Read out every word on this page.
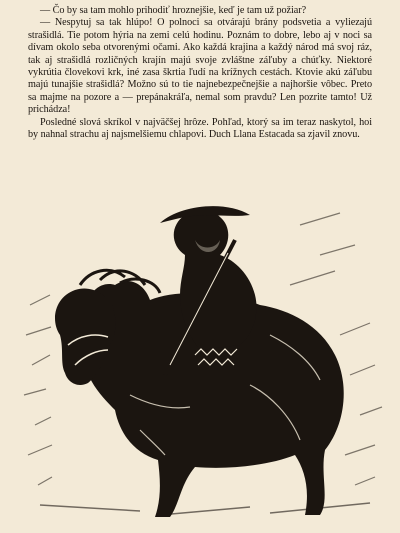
— Čo by sa tam mohlo prihodiť hroznejšie, keď je tam už požiar?

— Nespytuj sa tak hlúpo! O polnoci sa otvárajú brány podsvetia a vyliezajú strašidlá. Tie potom hýria na zemi celú hodinu. Poznám to dobre, lebo aj v noci sa dívam okolo seba otvorenými očami. Ako každá krajina a každý národ má svoj ráz, tak aj strašidlá rozličných krajín majú svoje zvláštne záľuby a chúťky. Niektoré vykrútia človekovi krk, iné zasa škrtia ľudí na krížnych cestách. Ktovie akú záľubu majú tunajšie strašidlá? Možno sú to tie najnebezpečnejšie a najhoršie vôbec. Preto sa majme na pozore a — prepánakráľa, nemal som pravdu? Len pozrite tamto! Už prichádza!

Posledné slová skríkol v najväčšej hrôze. Pohľad, ktorý sa im teraz naskytol, hoi by nahnal strachu aj najsmelšiemu chlapovi. Duch Llana Estacada sa zjavil znovu.
